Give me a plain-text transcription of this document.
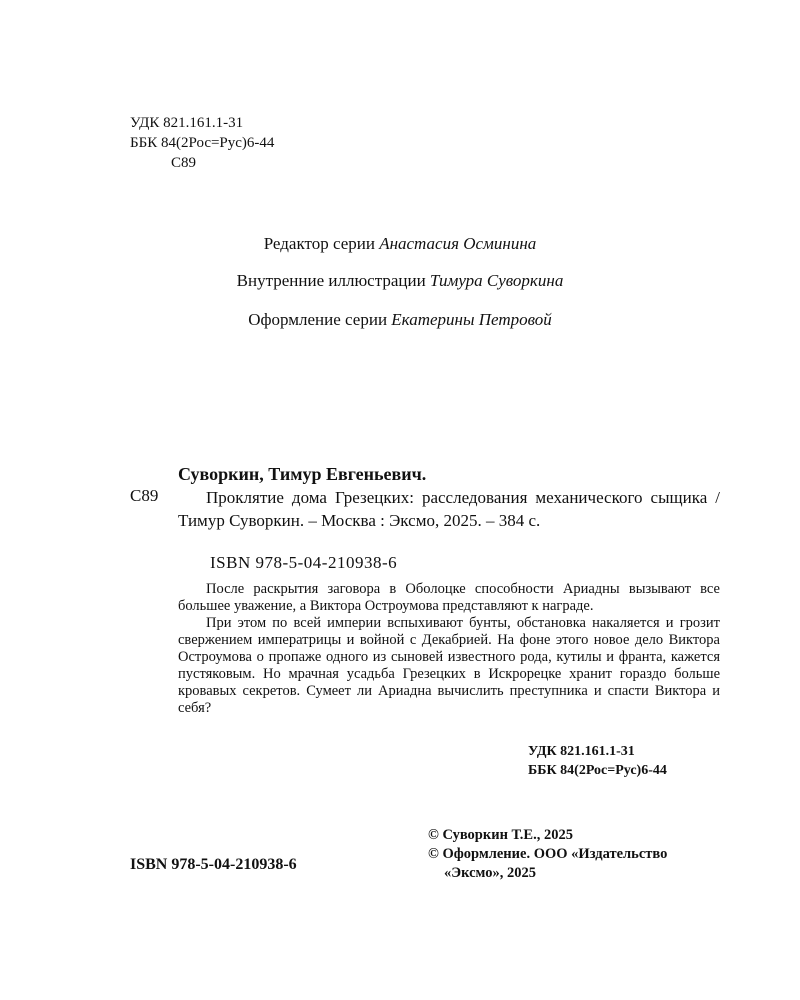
УДК 821.161.1-31
ББК 84(2Рос=Рус)6-44
С89
Редактор серии Анастасия Осминина
Внутренние иллюстрации Тимура Суворкина
Оформление серии Екатерины Петровой
Суворкин, Тимур Евгеньевич.
С89	Проклятие дома Грезецких: расследования механического сыщика / Тимур Суворкин. – Москва : Эксмо, 2025. – 384 с.
ISBN 978-5-04-210938-6

После раскрытия заговора в Оболоцке способности Ариадны вызывают все большее уважение, а Виктора Остроумова представляют к награде.

При этом по всей империи вспыхивают бунты, обстановка накаляется и грозит свержением императрицы и войной с Декабрией. На фоне этого новое дело Виктора Остроумова о пропаже одного из сыновей известного рода, кутилы и франта, кажется пустяковым. Но мрачная усадьба Грезецких в Искрорецке хранит гораздо больше кровавых секретов. Сумеет ли Ариадна вычислить преступника и спасти Виктора и себя?

УДК 821.161.1-31
ББК 84(2Рос=Рус)6-44
ISBN 978-5-04-210938-6
© Суворкин Т.Е., 2025
© Оформление. ООО «Издательство
«Эксмо», 2025
